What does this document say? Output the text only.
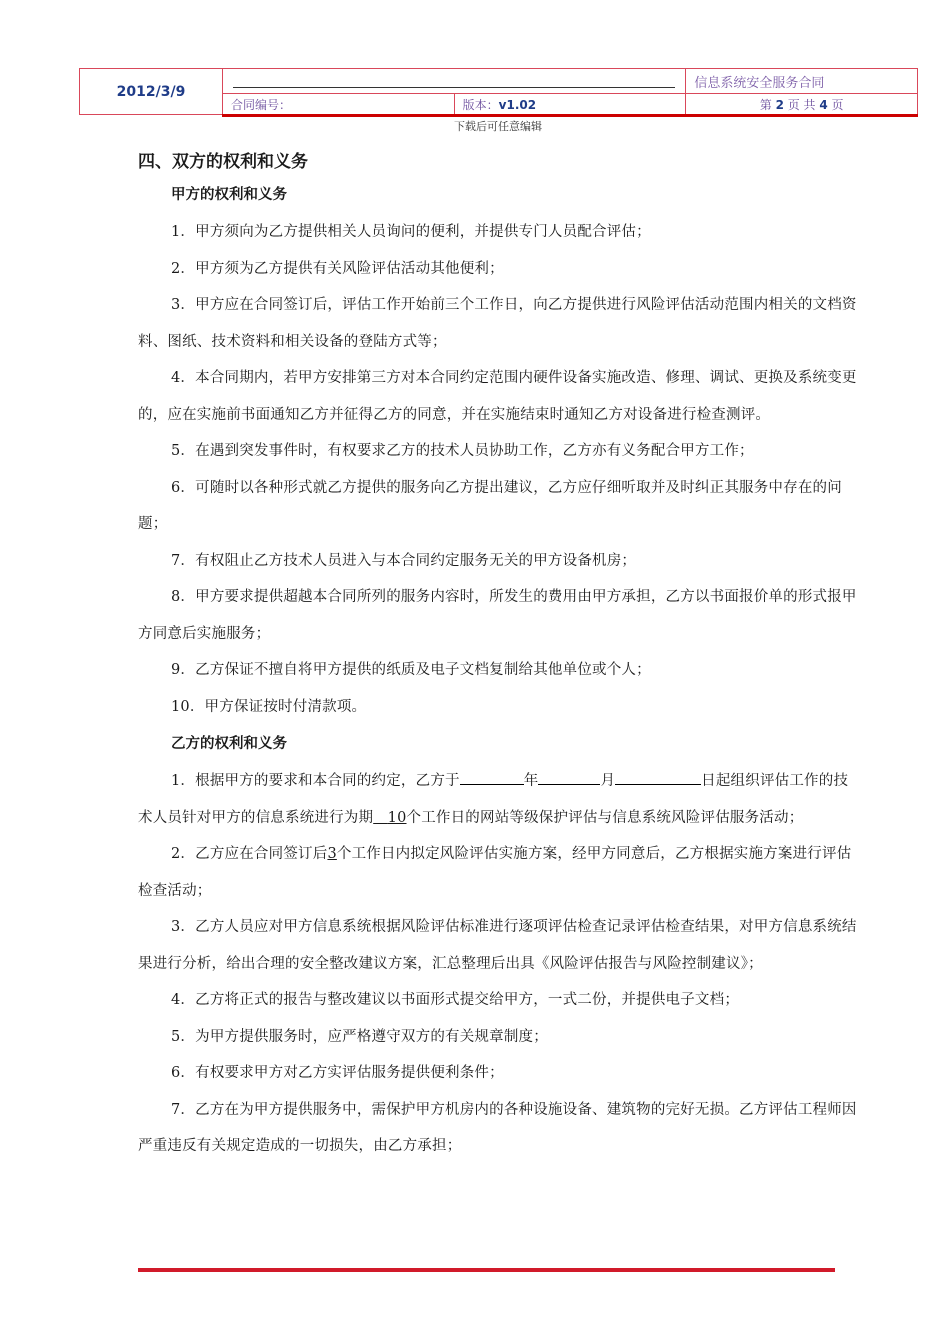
2012/3/9			信息系统安全服务合同
	合同编号：	版本：v1.02	第 2 页 共 4 页
下载后可任意编辑
四、双方的权利和义务
甲方的权利和义务

1．甲方须向为乙方提供相关人员询问的便利，并提供专门人员配合评估；

2．甲方须为乙方提供有关风险评估活动其他便利；

3．甲方应在合同签订后，评估工作开始前三个工作日，向乙方提供进行风险评估活动范围内相关的文档资料、图纸、技术资料和相关设备的登陆方式等；

4．本合同期内，若甲方安排第三方对本合同约定范围内硬件设备实施改造、修理、调试、更换及系统变更的，应在实施前书面通知乙方并征得乙方的同意，并在实施结束时通知乙方对设备进行检查测评。

5．在遇到突发事件时，有权要求乙方的技术人员协助工作，乙方亦有义务配合甲方工作；

6．可随时以各种形式就乙方提供的服务向乙方提出建议，乙方应仔细听取并及时纠正其服务中存在的问题；

7．有权阻止乙方技术人员进入与本合同约定服务无关的甲方设备机房；

8．甲方要求提供超越本合同所列的服务内容时，所发生的费用由甲方承担，乙方以书面报价单的形式报甲方同意后实施服务；

9．乙方保证不擅自将甲方提供的纸质及电子文档复制给其他单位或个人；

10．甲方保证按时付清款项。

乙方的权利和义务

1．根据甲方的要求和本合同的约定，乙方于	年	月	日起组织评估工作的技术人员针对甲方的信息系统进行为期 10个工作日的网站等级保护评估与信息系统风险评估服务活动；

2．乙方应在合同签订后3个工作日内拟定风险评估实施方案，经甲方同意后，乙方根据实施方案进行评估检查活动；

3．乙方人员应对甲方信息系统根据风险评估标准进行逐项评估检查记录评估检查结果，对甲方信息系统结果进行分析，给出合理的安全整改建议方案，汇总整理后出具《风险评估报告与风险控制建议》；

4．乙方将正式的报告与整改建议以书面形式提交给甲方，一式二份，并提供电子文档；

5．为甲方提供服务时，应严格遵守双方的有关规章制度；

6．有权要求甲方对乙方实评估服务提供便利条件；

7．乙方在为甲方提供服务中，需保护甲方机房内的各种设施设备、建筑物的完好无损。乙方评估工程师因严重违反有关规定造成的一切损失，由乙方承担；
